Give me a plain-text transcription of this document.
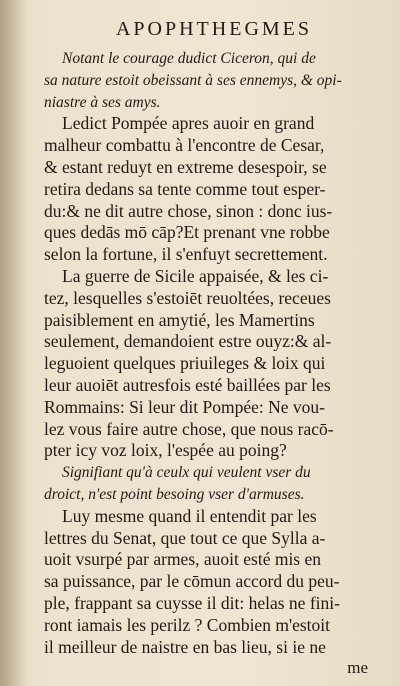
APOPHTHEGMES

Notant le courage dudict Ciceron, qui de
sa nature estoit obeissant à ses ennemys, & opi-
niastre à ses amys.

Ledict Pompée apres auoir en grand
malheur combattu à l'encontre de Cesar,
& estant reduyt en extreme desespoir, se
retira dedans sa tente comme tout esper-
du:& ne dit autre chose, sinon : donc ius-
ques dedās mō cāp?Et prenant vne robbe
selon la fortune, il s'enfuyt secrettement.

La guerre de Sicile appaisée, & les ci-
tez, lesquelles s'estoiēt reuoltées, receues
paisiblement en amytié, les Mamertins
seulement, demandoient estre ouyz:& al-
leguoient quelques priuileges & loix qui
leur auoiēt autresfois esté baillées par les
Rommains: Si leur dit Pompée: Ne vou-
lez vous faire autre chose, que nous racō-
pter icy voz loix, l'espée au poing?

Signifiant qu'à ceulx qui veulent vser du
droict, n'est point besoing vser d'armuses.

Luy mesme quand il entendit par les
lettres du Senat, que tout ce que Sylla a-
uoit vsurpé par armes, auoit esté mis en
sa puissance, par le cōmun accord du peu-
ple, frappant sa cuysse il dit: helas ne fini-
ront iamais les perilz ? Combien m'estoit
il meilleur de naistre en bas lieu, si ie ne

me
